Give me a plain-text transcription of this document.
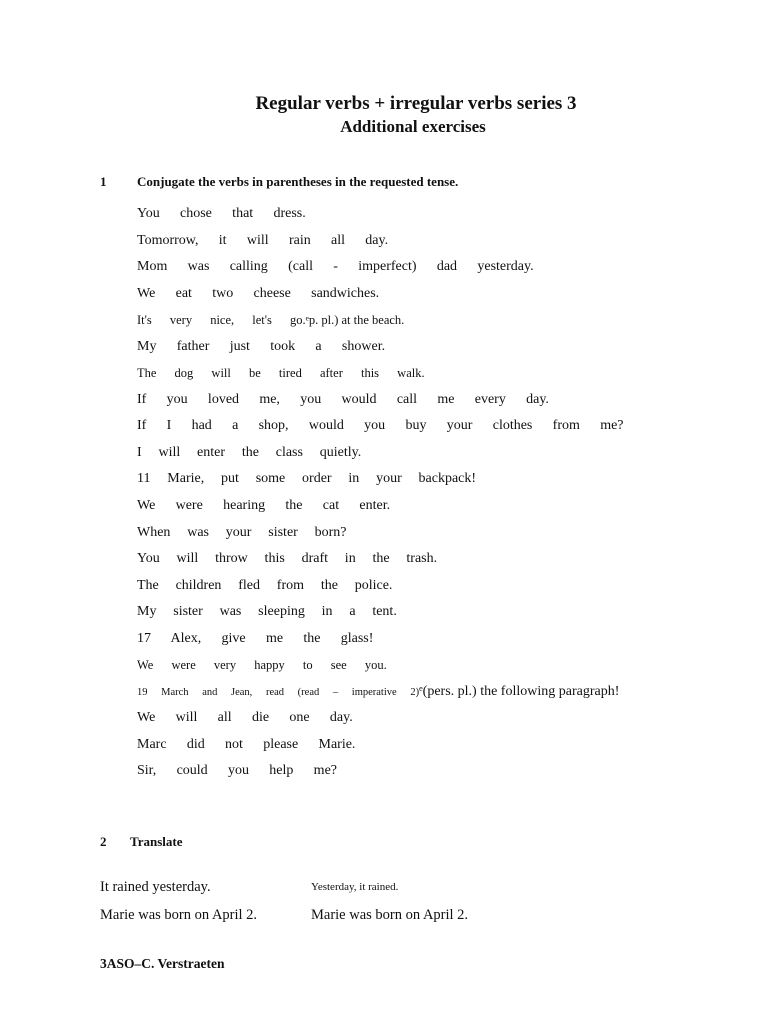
Regular verbs + irregular verbs series 3
Additional exercises
1 Conjugate the verbs in parentheses in the requested tense.
You chose that dress.
Tomorrow, it will rain all day.
Mom was calling (call - imperfect) dad yesterday.
We eat two cheese sandwiches.
It's very nice, let's go.ᵉp. pl.) at the beach.
My father just took a shower.
The dog will be tired after this walk.
If you loved me, you would call me every day.
If I had a shop, would you buy your clothes from me?
I will enter the class quietly.
11 Marie, put some order in your backpack!
We were hearing the cat enter.
When was your sister born?
You will throw this draft in the trash.
The children fled from the police.
My sister was sleeping in a tent.
17 Alex, give me the glass!
We were very happy to see you.
19 March and Jean, read (read – imperative 2)ᵉ(pers. pl.) the following paragraph!
We will all die one day.
Marc did not please Marie.
Sir, could you help me?
2 Translate
It rained yesterday.	Yesterday, it rained.
Marie was born on April 2.	Marie was born on April 2.
3ASO–C. Verstraeten
